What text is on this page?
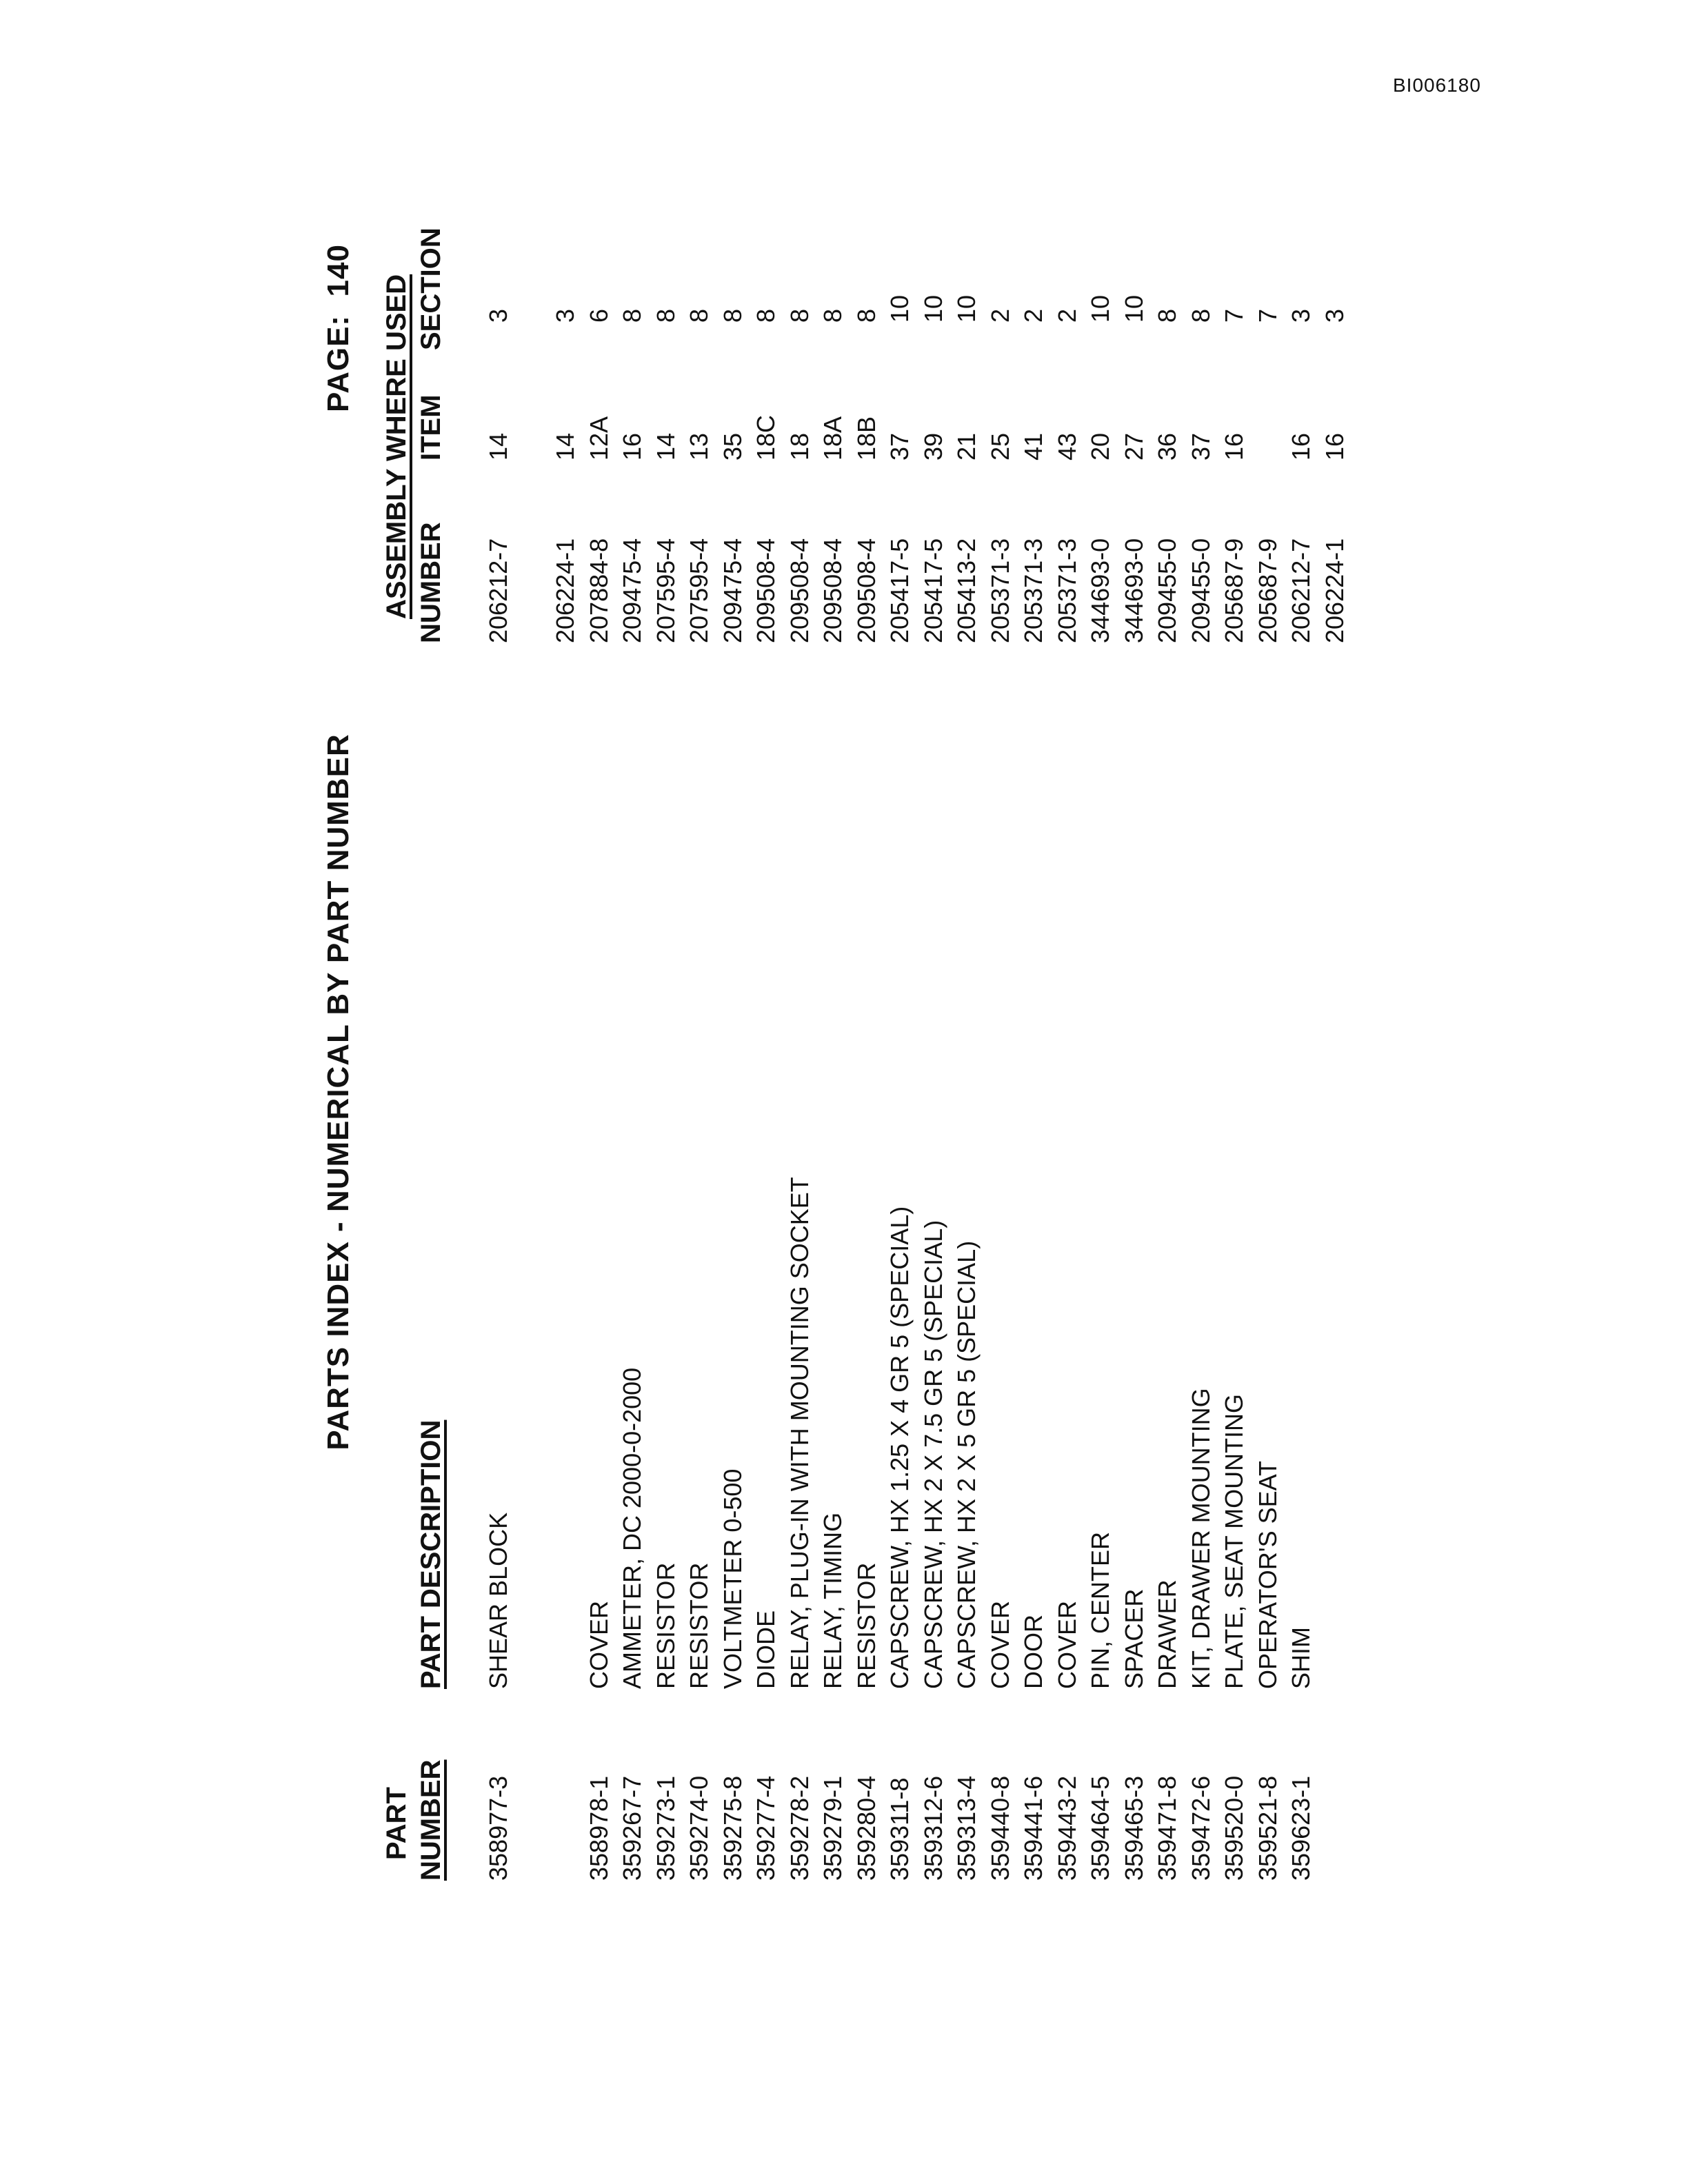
BI006180
PARTS INDEX - NUMERICAL BY PART NUMBER
PAGE:  140
PART NUMBER
PART DESCRIPTION
ASSEMBLY WHERE USED NUMBER
ITEM
SECTION
358977-3
SHEAR BLOCK
206212-7
14
3
206224-1
14
3
358978-1
COVER
207884-8
12A
6
359267-7
AMMETER, DC 2000-0-2000
209475-4
16
8
359273-1
RESISTOR
207595-4
14
8
359274-0
RESISTOR
207595-4
13
8
359275-8
VOLTMETER 0-500
209475-4
35
8
359277-4
DIODE
209508-4
18C
8
359278-2
RELAY, PLUG-IN WITH MOUNTING SOCKET
209508-4
18
8
359279-1
RELAY, TIMING
209508-4
18A
8
359280-4
RESISTOR
209508-4
18B
8
359311-8
CAPSCREW, HX 1.25 X 4 GR 5 (SPECIAL)
205417-5
37
10
359312-6
CAPSCREW, HX 2 X 7.5 GR 5 (SPECIAL)
205417-5
39
10
359313-4
CAPSCREW, HX 2 X 5 GR 5 (SPECIAL)
205413-2
21
10
359440-8
COVER
205371-3
25
2
359441-6
DOOR
205371-3
41
2
359443-2
COVER
205371-3
43
2
359464-5
PIN, CENTER
344693-0
20
10
359465-3
SPACER
344693-0
27
10
359471-8
DRAWER
209455-0
36
8
359472-6
KIT, DRAWER MOUNTING
209455-0
37
8
359520-0
PLATE, SEAT MOUNTING
205687-9
16
7
359521-8
OPERATOR'S SEAT
205687-9
7
359623-1
SHIM
206212-7
16
3
206224-1
16
3
